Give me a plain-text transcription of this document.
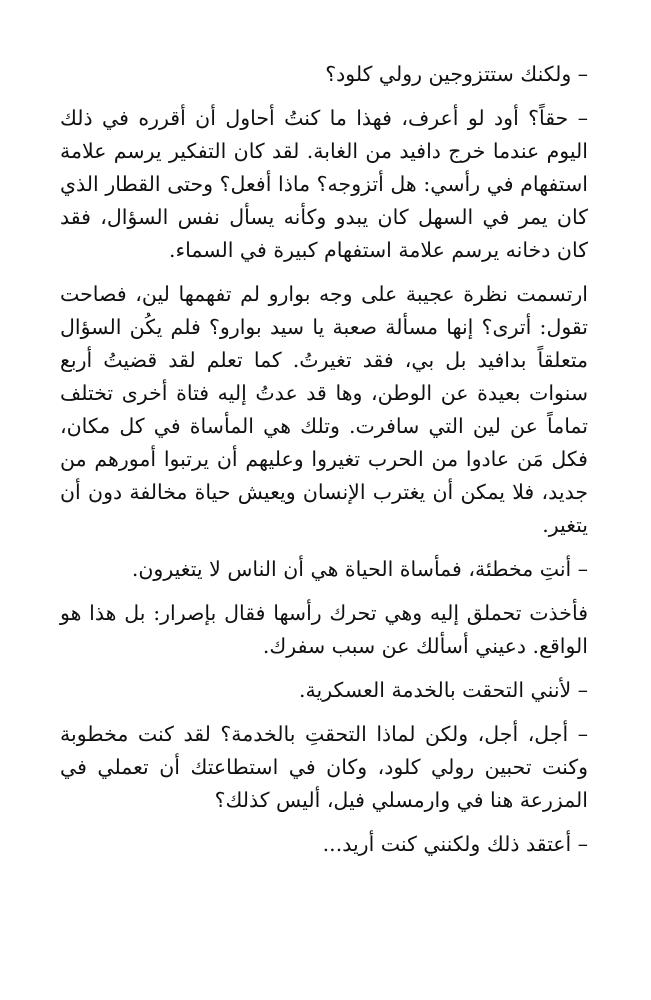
– ولكنك ستتزوجين رولي كلود؟

– حقاً؟ أود لو أعرف، فهذا ما كنتُ أحاول أن أقرره في ذلك اليوم عندما خرج دافيد من الغابة. لقد كان التفكير يرسم علامة استفهام في رأسي: هل أتزوجه؟ ماذا أفعل؟ وحتى القطار الذي كان يمر في السهل كان يبدو وكأنه يسأل نفس السؤال، فقد كان دخانه يرسم علامة استفهام كبيرة في السماء.

ارتسمت نظرة عجيبة على وجه بوارو لم تفهمها لين، فصاحت تقول: أترى؟ إنها مسألة صعبة يا سيد بوارو؟ فلم يكُن السؤال متعلقاً بدافيد بل بي، فقد تغيرتُ. كما تعلم لقد قضيتُ أربع سنوات بعيدة عن الوطن، وها قد عدتُ إليه فتاة أخرى تختلف تماماً عن لين التي سافرت. وتلك هي المأساة في كل مكان، فكل مَن عادوا من الحرب تغيروا وعليهم أن يرتبوا أمورهم من جديد، فلا يمكن أن يغترب الإنسان ويعيش حياة مخالفة دون أن يتغير.

– أنتِ مخطئة، فمأساة الحياة هي أن الناس لا يتغيرون.

فأخذت تحملق إليه وهي تحرك رأسها فقال بإصرار: بل هذا هو الواقع. دعيني أسألك عن سبب سفرك.

– لأنني التحقت بالخدمة العسكرية.

– أجل، أجل، ولكن لماذا التحقتِ بالخدمة؟ لقد كنت مخطوبة وكنت تحبين رولي كلود، وكان في استطاعتك أن تعملي في المزرعة هنا في وارمسلي فيل، أليس كذلك؟

– أعتقد ذلك ولكنني كنت أريد...
